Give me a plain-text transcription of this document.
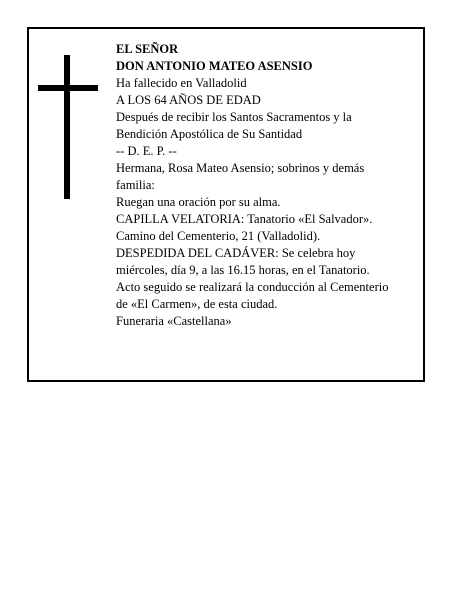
EL SEÑOR
DON ANTONIO MATEO ASENSIO
Ha fallecido en Valladolid
A LOS 64 AÑOS DE EDAD
Después de recibir los Santos Sacramentos y la
Bendición Apostólica de Su Santidad
-- D. E. P. --
Hermana, Rosa Mateo Asensio; sobrinos y demás
familia:
Ruegan una oración por su alma.
CAPILLA VELATORIA: Tanatorio «El Salvador».
Camino del Cementerio, 21 (Valladolid).
DESPEDIDA DEL CADÁVER: Se celebra hoy
miércoles, día 9, a las 16.15 horas, en el Tanatorio.
Acto seguido se realizará la conducción al Cementerio
de «El Carmen», de esta ciudad.
Funeraria «Castellana»
